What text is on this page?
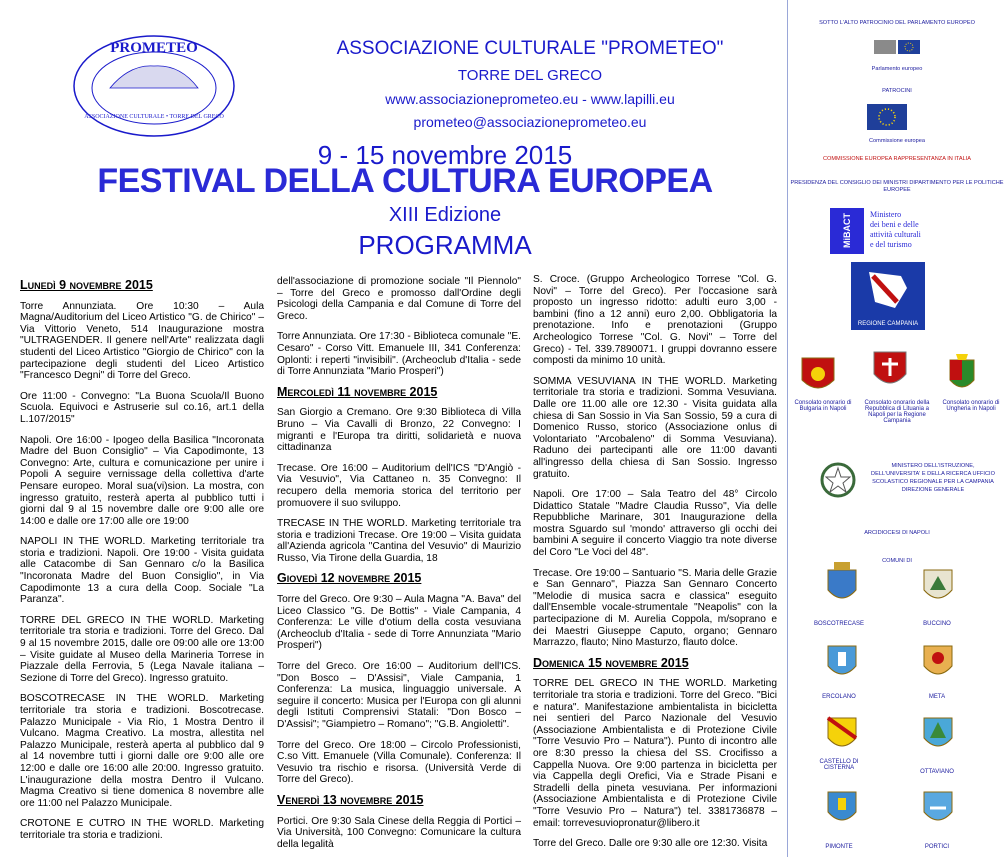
PROMETEO
ASSOCIAZIONE CULTURALE • TORRE DEL GRECO
ASSOCIAZIONE CULTURALE "PROMETEO"
TORRE DEL GRECO
www.associazioneprometeo.eu - www.lapilli.eu
prometeo@associazioneprometeo.eu
9 - 15 novembre 2015
FESTIVAL DELLA CULTURA EUROPEA
XIII Edizione
PROGRAMMA
Lunedì 9 novembre 2015
Torre Annunziata. Ore 10:30 – Aula Magna/Auditorium del Liceo Artistico "G. de Chirico" – Via Vittorio Veneto, 514 Inaugurazione mostra "ULTRAGENDER. Il genere nell'Arte" realizzata dagli studenti del Liceo Artistico "Giorgio de Chirico" con la partecipazione degli studenti del Liceo Artistico "Francesco Degni" di Torre del Greco.
Ore 11:00 - Convegno: "La Buona Scuola/Il Buono Scuola. Equivoci e Astruserie sul co.16, art.1 della L.107/2015"
Napoli. Ore 16:00 - Ipogeo della Basilica "Incoronata Madre del Buon Consiglio" – Via Capodimonte, 13 Convegno: Arte, cultura e comunicazione per unire i Popoli A seguire vernissage della collettiva d'arte Pensare europeo. Moral sua(vi)sion. La mostra, con ingresso gratuito, resterà aperta al pubblico tutti i giorni dal 9 al 15 novembre dalle ore 9:00 alle ore 14:00 e dalle ore 17:00 alle ore 19:00
NAPOLI IN THE WORLD. Marketing territoriale tra storia e tradizioni. Napoli. Ore 19:00 - Visita guidata alle Catacombe di San Gennaro c/o la Basilica "Incoronata Madre del Buon Consiglio", in Via Capodimonte 13 a cura della Coop. Sociale "La Paranza".
TORRE DEL GRECO IN THE WORLD. Marketing territoriale tra storia e tradizioni. Torre del Greco. Dal 9 al 15 novembre 2015, dalle ore 09:00 alle ore 13:00 – Visite guidate al Museo della Marineria Torrese in Piazzale della Ferrovia, 5 (Lega Navale italiana – Sezione di Torre del Greco). Ingresso gratuito.
BOSCOTRECASE IN THE WORLD. Marketing territoriale tra storia e tradizioni. Boscotrecase. Palazzo Municipale - Via Rio, 1 Mostra Dentro il Vulcano. Magma Creativo. La mostra, allestita nel Palazzo Municipale, resterà aperta al pubblico dal 9 al 14 novembre tutti i giorni dalle ore 9:00 alle ore 12:00 e dalle ore 16:00 alle 20:00. Ingresso gratuito. L'inaugurazione della mostra Dentro il Vulcano. Magma Creativo si tiene domenica 8 novembre alle ore 11:00 nel Palazzo Municipale.
CROTONE E CUTRO IN THE WORLD. Marketing territoriale tra storia e tradizioni.
dell'associazione di promozione sociale "Il Piennolo" – Torre del Greco e promosso dall'Ordine degli Psicologi della Campania e dal Comune di Torre del Greco.
Torre Annunziata. Ore 17:30 - Biblioteca comunale "E. Cesaro" - Corso Vitt. Emanuele III, 341 Conferenza: Oplonti: i reperti "invisibili". (Archeoclub d'Italia - sede di Torre Annunziata "Mario Prosperi")
Mercoledì 11 novembre 2015
San Giorgio a Cremano. Ore 9:30 Biblioteca di Villa Bruno – Via Cavalli di Bronzo, 22 Convegno: I migranti e l'Europa tra diritti, solidarietà e nuova cittadinanza
Trecase. Ore 16:00 – Auditorium dell'ICS "D'Angiò - Via Vesuvio", Via Cattaneo n. 35 Convegno: Il recupero della memoria storica del territorio per promuovere il suo sviluppo.
TRECASE IN THE WORLD. Marketing territoriale tra storia e tradizioni Trecase. Ore 19:00 – Visita guidata all'Azienda agricola "Cantina del Vesuvio" di Maurizio Russo, Via Tirone della Guardia, 18
Giovedì 12 novembre 2015
Torre del Greco. Ore 9:30 – Aula Magna "A. Bava" del Liceo Classico "G. De Bottis" - Viale Campania, 4 Conferenza: Le ville d'otium della costa vesuviana (Archeoclub d'Italia - sede di Torre Annunziata "Mario Prosperi")
Torre del Greco. Ore 16:00 – Auditorium dell'ICS. "Don Bosco – D'Assisi", Viale Campania, 1 Conferenza: La musica, linguaggio universale. A seguire il concerto: Musica per l'Europa con gli alunni degli Istituti Comprensivi Statali: "Don Bosco – D'Assisi"; "Giampietro – Romano"; "G.B. Angioletti".
Torre del Greco. Ore 18:00 – Circolo Professionisti, C.so Vitt. Emanuele (Villa Comunale). Conferenza: Il Vesuvio tra rischio e risorsa. (Università Verde di Torre del Greco).
Venerdì 13 novembre 2015
Portici. Ore 9:30 Sala Cinese della Reggia di Portici – Via Università, 100 Convegno: Comunicare la cultura della legalità
S. Croce. (Gruppo Archeologico Torrese "Col. G. Novi" – Torre del Greco). Per l'occasione sarà proposto un ingresso ridotto: adulti euro 3,00 - bambini (fino a 12 anni) euro 2,00. Obbligatoria la prenotazione. Info e prenotazioni (Gruppo Archeologico Torrese "Col. G. Novi" – Torre del Greco) - Tel. 339.7890071. I gruppi dovranno essere composti da minimo 10 unità.
SOMMA VESUVIANA IN THE WORLD. Marketing territoriale tra storia e tradizioni. Somma Vesuviana. Dalle ore 11.00 alle ore 12.30 - Visita guidata alla chiesa di San Sossio in Via San Sossio, 59 a cura di Domenico Russo, storico (Associazione onlus di Volontariato "Arcobaleno" di Somma Vesuviana). Raduno dei partecipanti alle ore 11:00 davanti all'ingresso della chiesa di San Sossio. Ingresso gratuito.
Napoli. Ore 17:00 – Sala Teatro del 48° Circolo Didattico Statale "Madre Claudia Russo", Via delle Repubbliche Marinare, 301 Inaugurazione della mostra Sguardo sul 'mondo' attraverso gli occhi dei bambini A seguire il concerto Viaggio tra note diverse del Coro "Le Voci del 48".
Trecase. Ore 19:00 – Santuario "S. Maria delle Grazie e San Gennaro", Piazza San Gennaro Concerto "Melodie di musica sacra e classica" eseguito dall'Ensemble vocale-strumentale "Neapolis" con la partecipazione di M. Aurelia Coppola, m/soprano e dei Maestri Giuseppe Caputo, organo; Gennaro Marrazzo, flauto; Nino Masturzo, flauto dolce.
Domenica 15 novembre 2015
TORRE DEL GRECO IN THE WORLD. Marketing territoriale tra storia e tradizioni. Torre del Greco. "Bici e natura". Manifestazione ambientalista in bicicletta nei sentieri del Parco Nazionale del Vesuvio (Associazione Ambientalista e di Protezione Civile "Torre Vesuvio Pro – Natura"). Punto di incontro alle ore 8:30 presso la chiesa del SS. Crocifisso a Cappella Nuova. Ore 9:00 partenza in bicicletta per via Cappella degli Orefici, Via e Strade Pisani e Stradelli della pineta vesuviana. Per informazioni (Associazione Ambientalista e di Protezione Civile "Torre Vesuvio Pro – Natura") tel. 3381736878 – email: torrevesuviopronatur@libero.it
Torre del Greco. Dalle ore 9:30 alle ore 12:30. Visita
SOTTO L'ALTO PATROCINIO DEL PARLAMENTO EUROPEO
Parlamento europeo
PATROCINI
Commissione europea
COMMISSIONE EUROPEA RAPPRESENTANZA IN ITALIA
PRESIDENZA DEL CONSIGLIO DEI MINISTRI DIPARTIMENTO PER LE POLITICHE EUROPEE
MiBACT	Ministero
dei beni e delle
attività culturali
e del turismo
REGIONE CAMPANIA
Consolato onorario di Bulgaria in Napoli
Consolato onorario della Repubblica di Lituania a Napoli per la Regione Campania
Consolato onorario di Ungheria in Napoli
MINISTERO DELL'ISTRUZIONE, DELL'UNIVERSITA' E DELLA RICERCA UFFICIO SCOLASTICO REGIONALE PER LA CAMPANIA DIREZIONE GENERALE
ARCIDIOCESI DI NAPOLI
COMUNI DI
BOSCOTRECASE	BUCCINO
ERCOLANO	META
CASTELLO DI CISTERNA
OTTAVIANO
PIMONTE	PORTICI
